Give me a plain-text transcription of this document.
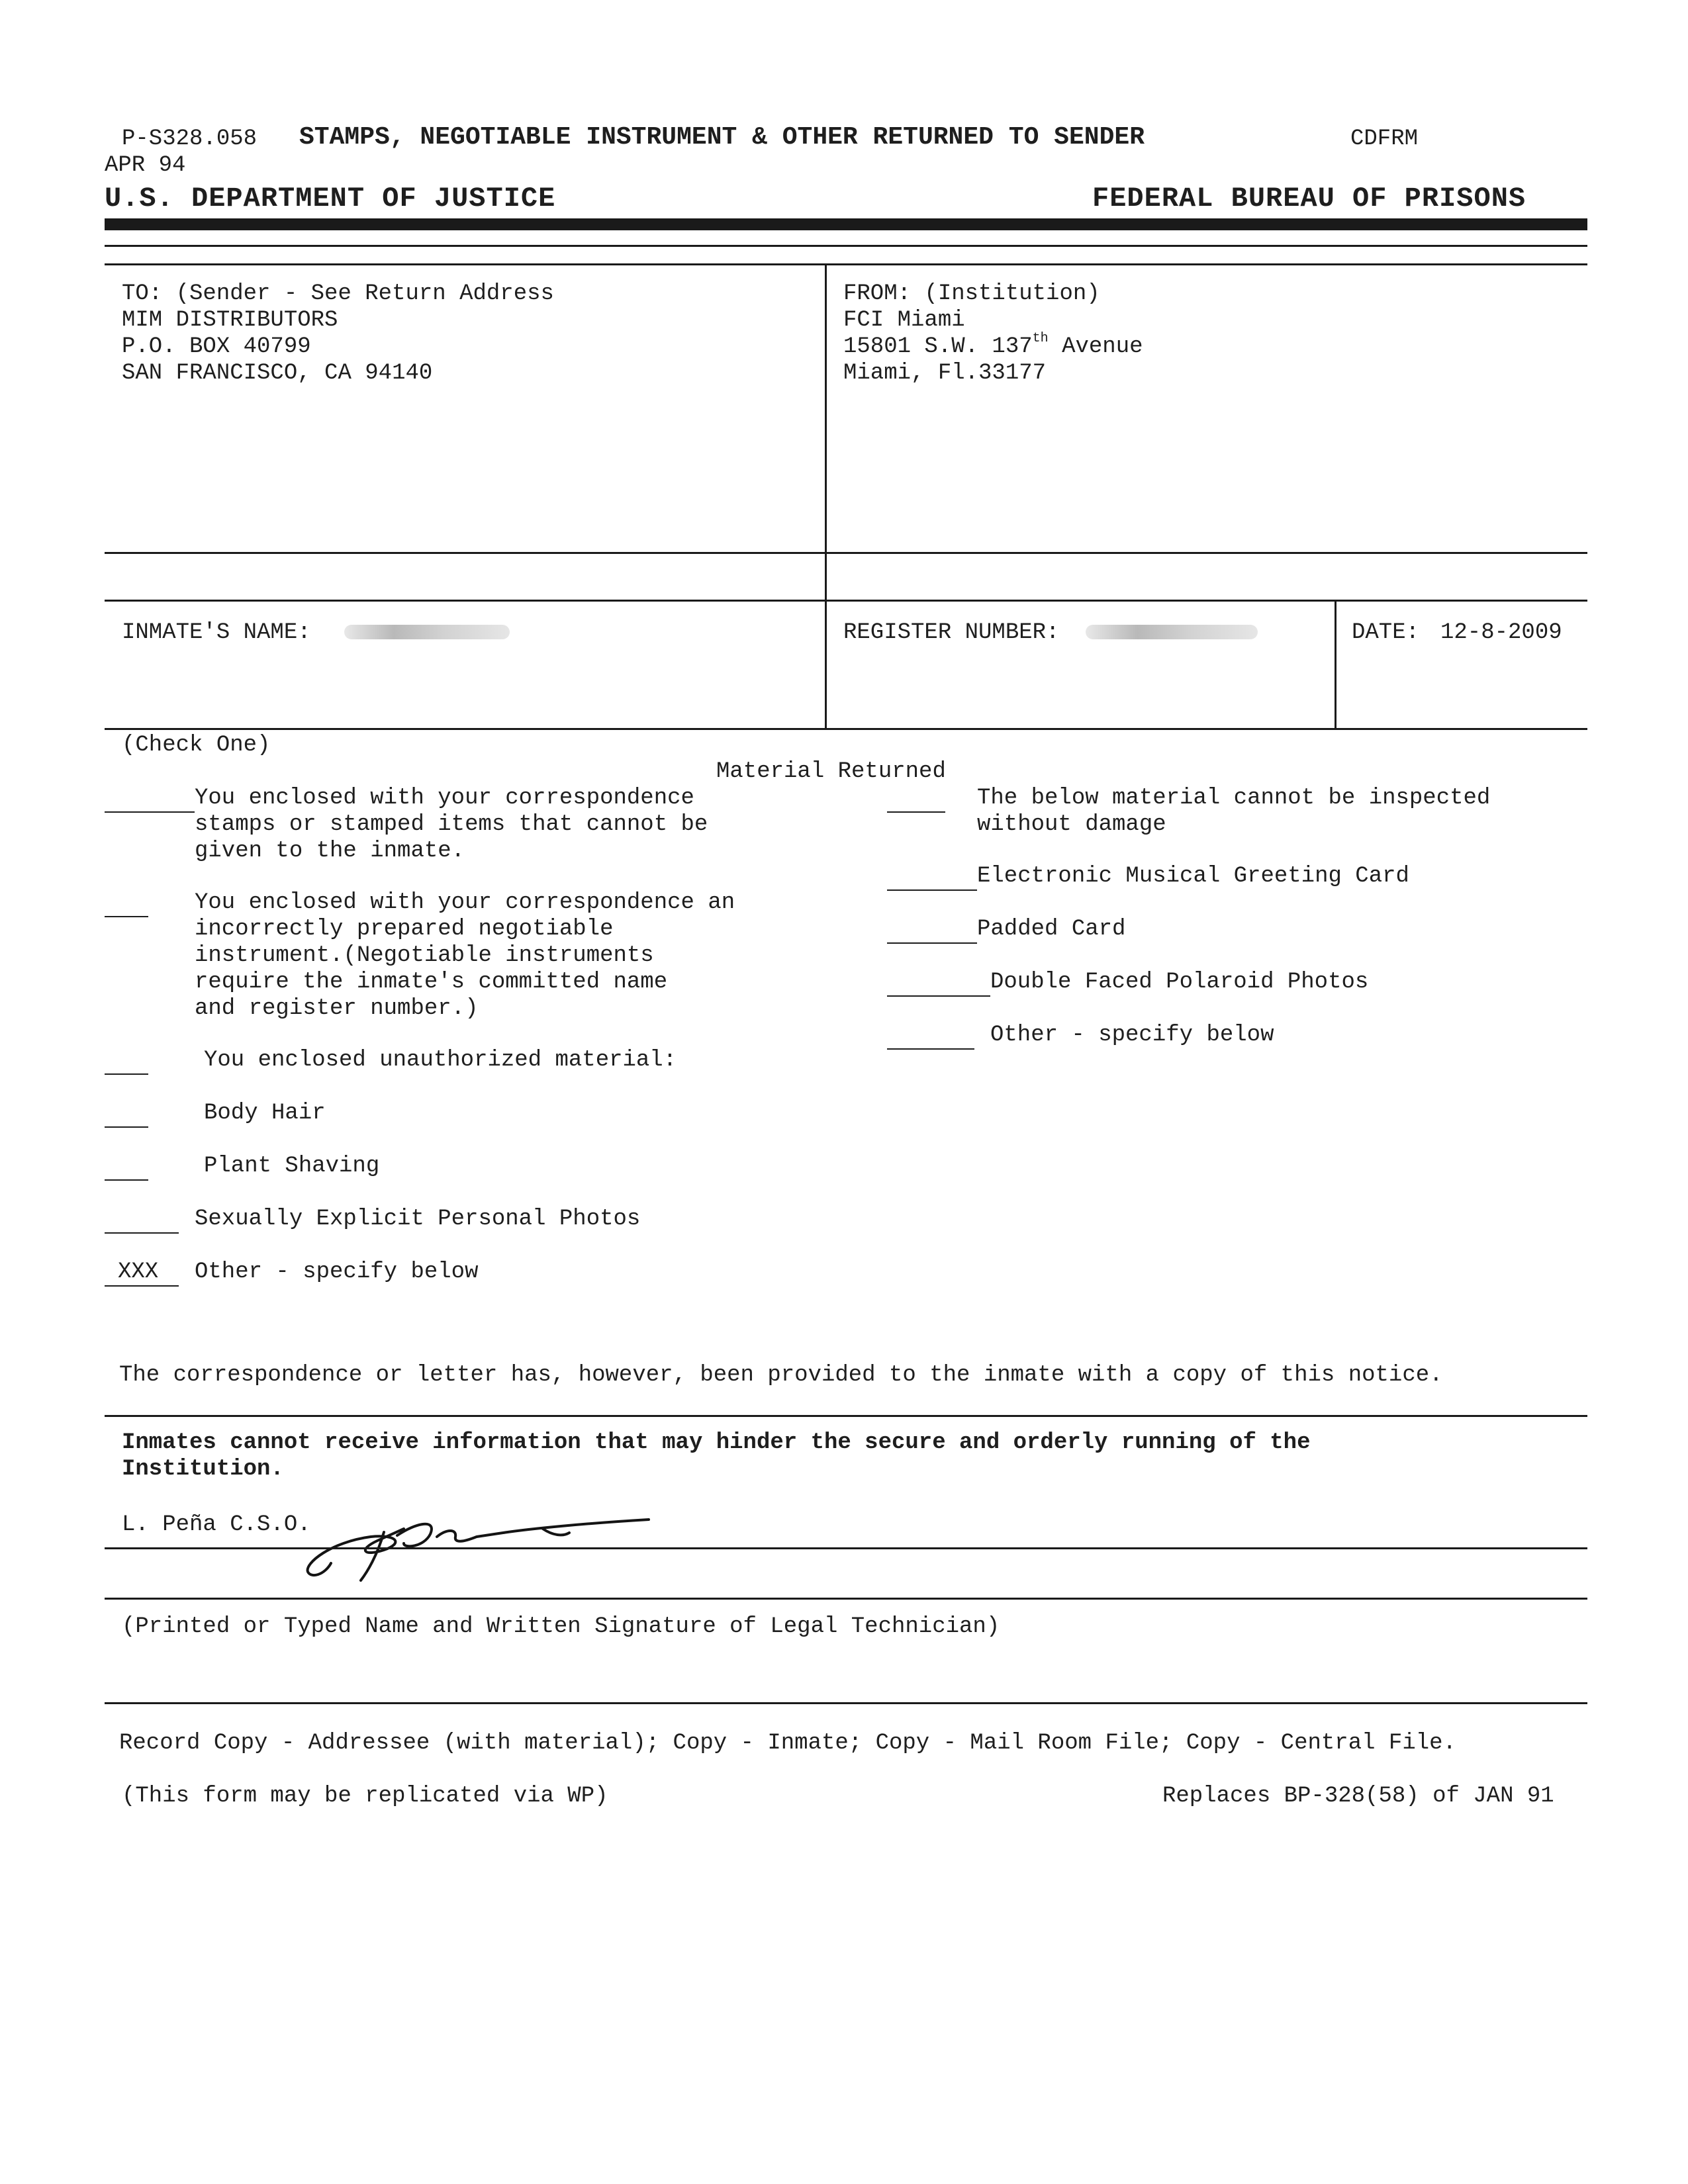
P-S328.058 STAMPS, NEGOTIABLE INSTRUMENT & OTHER RETURNED TO SENDER	CDFRM
APR 94
U.S. DEPARTMENT OF JUSTICE	FEDERAL BUREAU OF PRISONS
TO: (Sender - See Return Address
MIM DISTRIBUTORS
P.O. BOX 40799
SAN FRANCISCO, CA 94140
FROM: (Institution)
FCI Miami
15801 S.W. 137th Avenue
Miami, Fl.33177
INMATE'S NAME:	REGISTER NUMBER:	DATE: 12-8-2009
(Check One)
Material Returned
You enclosed with your correspondence
stamps or stamped items that cannot be
given to the inmate.
You enclosed with your correspondence an
incorrectly prepared negotiable
instrument.(Negotiable instruments
require the inmate's committed name
and register number.)
You enclosed unauthorized material:
Body Hair
Plant Shaving
Sexually Explicit Personal Photos
XXX Other - specify below
The below material cannot be inspected
without damage
Electronic Musical Greeting Card
Padded Card
Double Faced Polaroid Photos
Other - specify below
The correspondence or letter has, however, been provided to the inmate with a copy of this notice.
Inmates cannot receive information that may hinder the secure and orderly running of the
Institution.
L. Peña C.S.O.
(Printed or Typed Name and Written Signature of Legal Technician)
Record Copy - Addressee (with material); Copy - Inmate; Copy - Mail Room File; Copy - Central File.
(This form may be replicated via WP)	Replaces BP-328(58) of JAN 91
